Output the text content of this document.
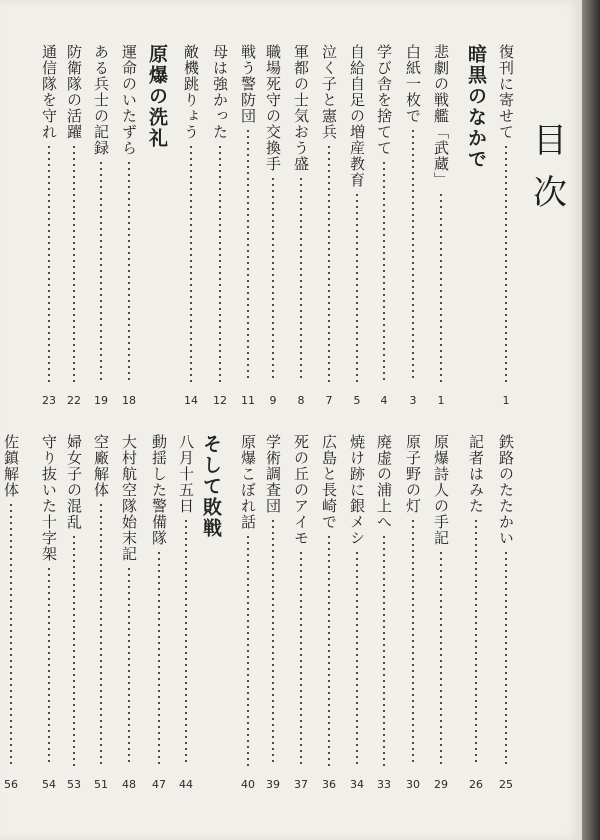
目
次
復刊に寄せて
1
暗黒のなかで
悲劇の戦艦「武蔵」
1
白紙一枚で
3
学び舎を捨てて
4
自給自足の増産教育
5
泣く子と憲兵
7
軍都の士気おう盛
8
職場死守の交換手
9
戦う警防団
11
母は強かった
12
敵機跳りょう
14
原爆の洗礼
運命のいたずら
18
ある兵士の記録
19
防衛隊の活躍
22
通信隊を守れ
23
鉄路のたたかい
25
記者はみた
26
原爆詩人の手記
29
原子野の灯
30
廃虚の浦上へ
33
焼け跡に銀メシ
34
広島と長崎で
36
死の丘のアイモ
37
学術調査団
39
原爆こぼれ話
40
そして敗戦
八月十五日
44
動揺した警備隊
47
大村航空隊始末記
48
空廠解体
51
婦女子の混乱
53
守り抜いた十字架
54
佐鎮解体
56
